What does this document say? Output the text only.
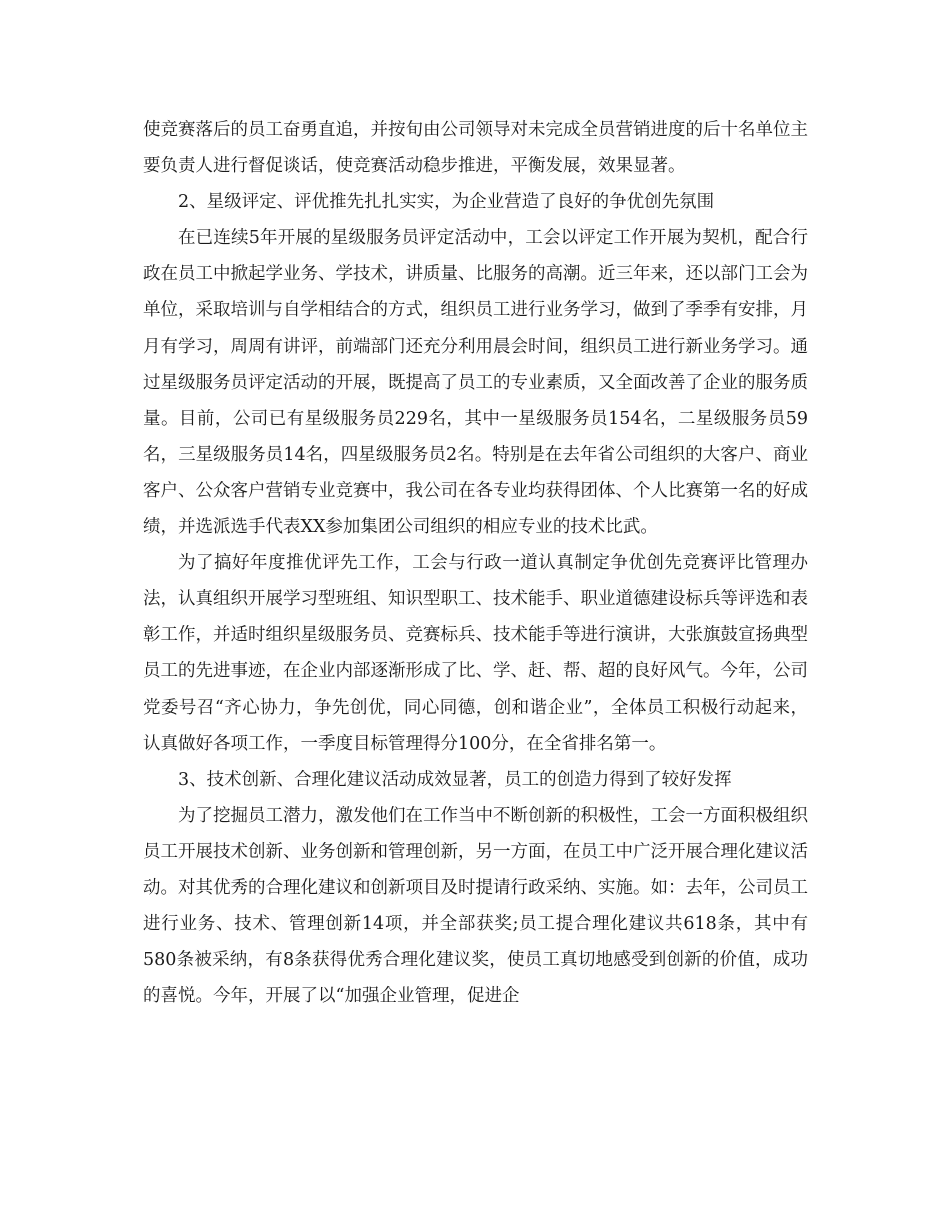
使竞赛落后的员工奋勇直追，并按旬由公司领导对未完成全员营销进度的后十名单位主要负责人进行督促谈话，使竞赛活动稳步推进，平衡发展，效果显著。

2、星级评定、评优推先扎扎实实，为企业营造了良好的争优创先氛围

在已连续5年开展的星级服务员评定活动中，工会以评定工作开展为契机，配合行政在员工中掀起学业务、学技术，讲质量、比服务的高潮。近三年来，还以部门工会为单位，采取培训与自学相结合的方式，组织员工进行业务学习，做到了季季有安排，月月有学习，周周有讲评，前端部门还充分利用晨会时间，组织员工进行新业务学习。通过星级服务员评定活动的开展，既提高了员工的专业素质，又全面改善了企业的服务质量。目前，公司已有星级服务员229名，其中一星级服务员154名，二星级服务员59名，三星级服务员14名，四星级服务员2名。特别是在去年省公司组织的大客户、商业客户、公众客户营销专业竞赛中，我公司在各专业均获得团体、个人比赛第一名的好成绩，并选派选手代表XX参加集团公司组织的相应专业的技术比武。

为了搞好年度推优评先工作，工会与行政一道认真制定争优创先竞赛评比管理办法，认真组织开展学习型班组、知识型职工、技术能手、职业道德建设标兵等评选和表彰工作，并适时组织星级服务员、竞赛标兵、技术能手等进行演讲，大张旗鼓宣扬典型员工的先进事迹，在企业内部逐渐形成了比、学、赶、帮、超的良好风气。今年，公司党委号召“齐心协力，争先创优，同心同德，创和谐企业”，全体员工积极行动起来，认真做好各项工作，一季度目标管理得分100分，在全省排名第一。

3、技术创新、合理化建议活动成效显著，员工的创造力得到了较好发挥

为了挖掘员工潜力，激发他们在工作当中不断创新的积极性，工会一方面积极组织员工开展技术创新、业务创新和管理创新，另一方面，在员工中广泛开展合理化建议活动。对其优秀的合理化建议和创新项目及时提请行政采纳、实施。如：去年，公司员工进行业务、技术、管理创新14项，并全部获奖;员工提合理化建议共618条，其中有580条被采纳，有8条获得优秀合理化建议奖，使员工真切地感受到创新的价值，成功的喜悦。今年，开展了以“加强企业管理，促进企
